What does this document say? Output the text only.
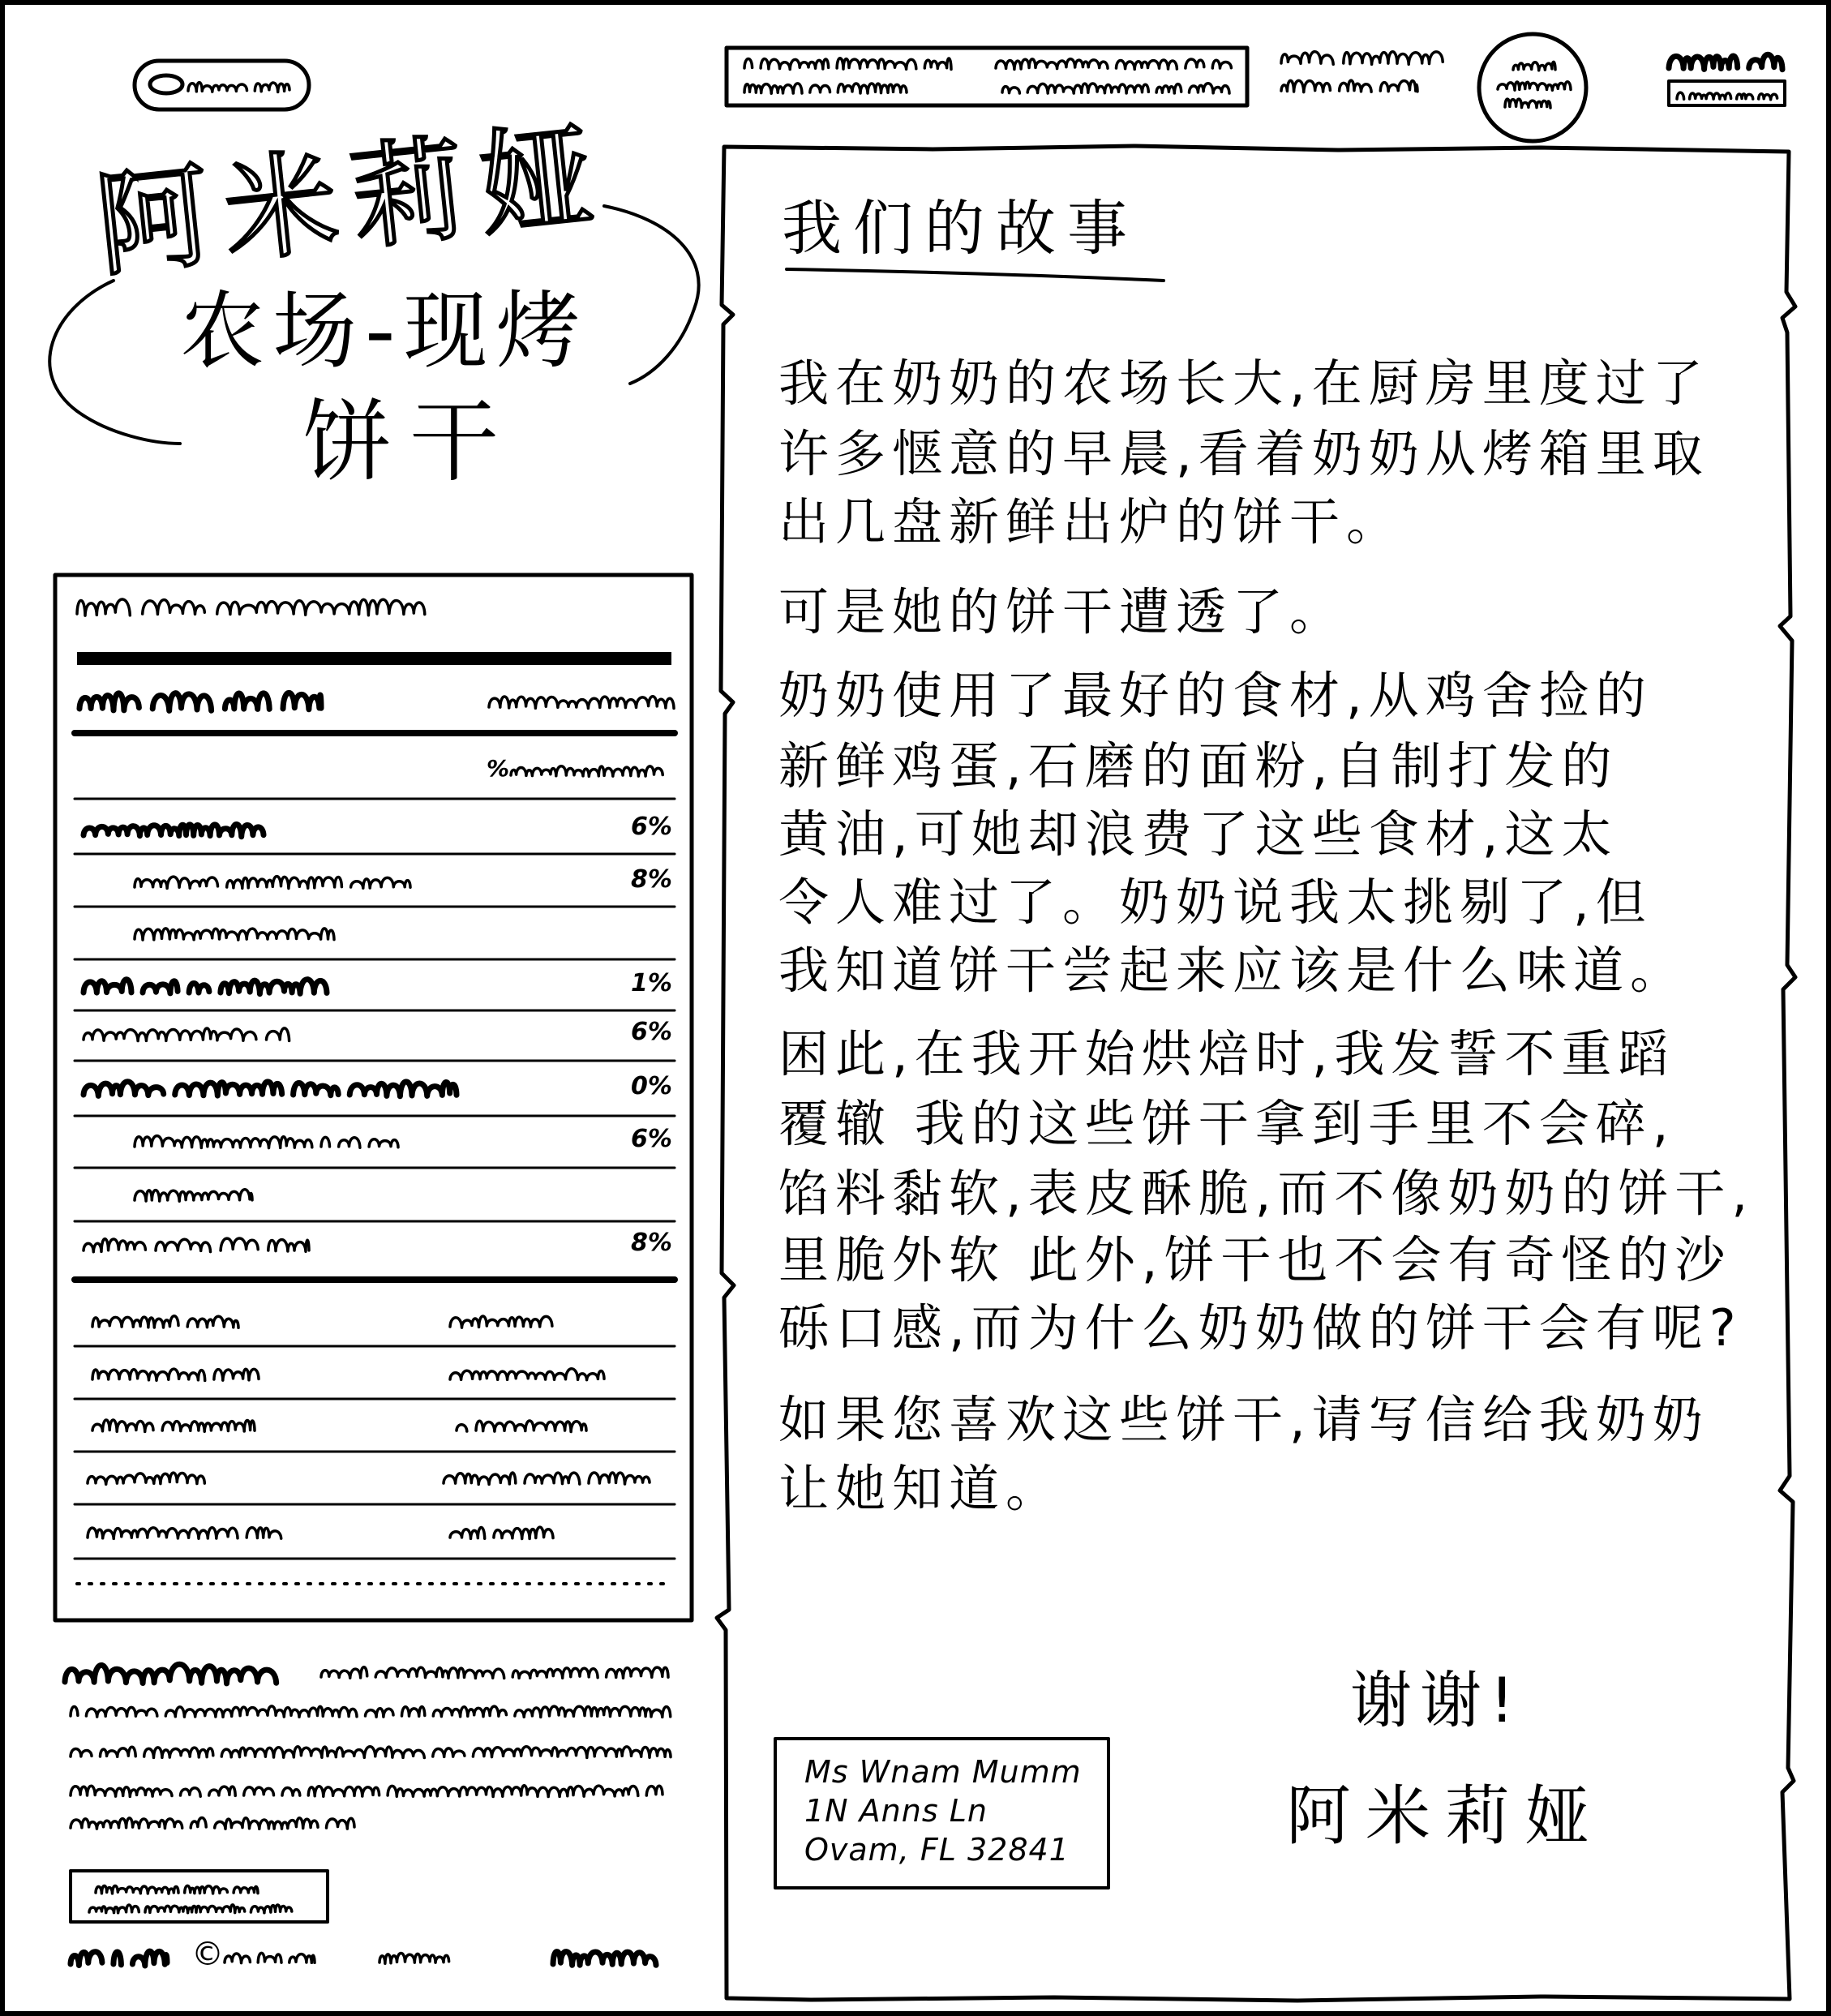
阿米莉娅
农场-现烤
饼干
%
6%
8%
1%
6%
0%
6%
8%
©
我们的故事
我在奶奶的农场长大,在厨房里度过了
许多惬意的早晨,看着奶奶从烤箱里取
出几盘新鲜出炉的饼干。
可是她的饼干遭透了。
奶奶使用了最好的食材,从鸡舍捡的
新鲜鸡蛋,石磨的面粉,自制打发的
黄油,可她却浪费了这些食材,这太
令人难过了。奶奶说我太挑剔了,但
我知道饼干尝起来应该是什么味道。
困此,在我开始烘焙时,我发誓不重蹈
覆辙 我的这些饼干拿到手里不会碎,
馅料黏软,表皮酥脆,而不像奶奶的饼干,
里脆外软 此外,饼干也不会有奇怪的沙
砾口感,而为什么奶奶做的饼干会有呢?
如果您喜欢这些饼干,请写信给我奶奶
让她知道。
谢谢!
阿米莉娅
Ms Wnam Mumm
1N Anns Ln
Ovam, FL 32841
